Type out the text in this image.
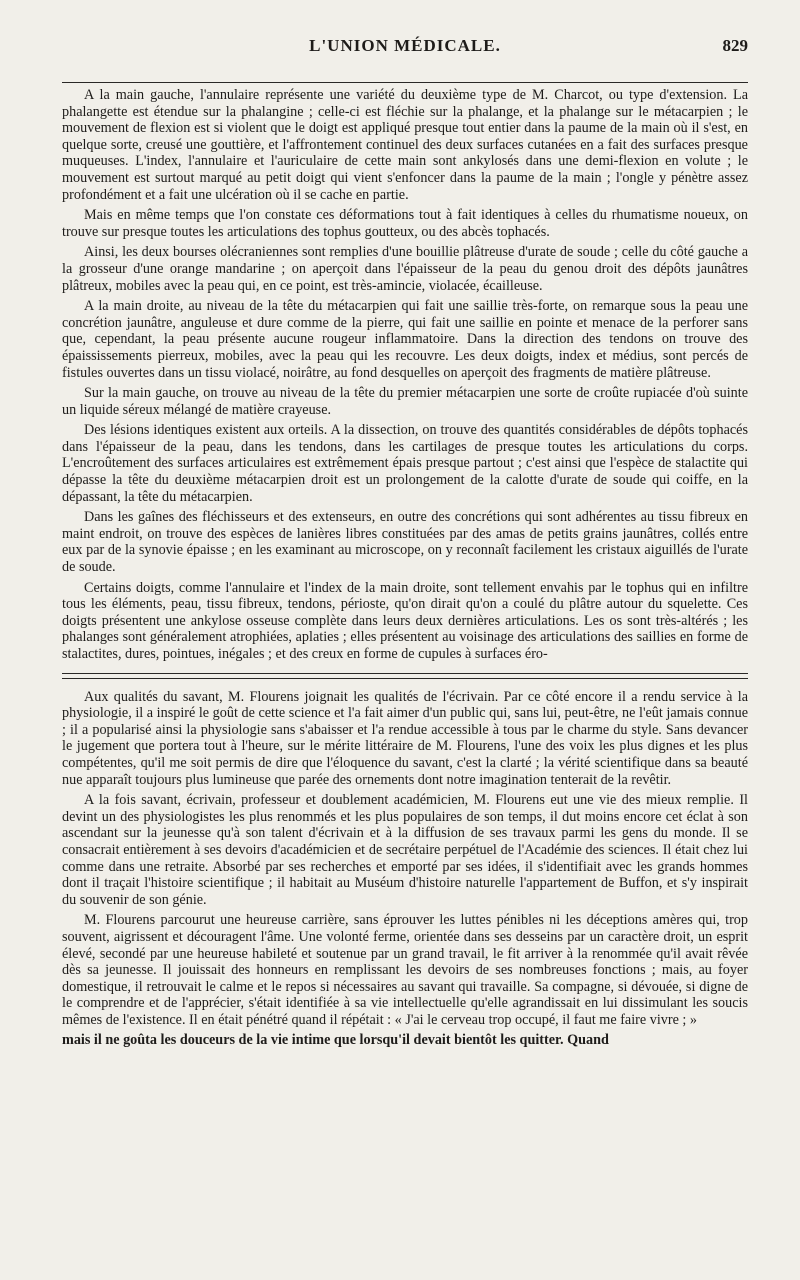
L'UNION MÉDICALE.	829

A la main gauche, l'annulaire représente une variété du deuxième type de M. Charcot, ou type d'extension. La phalangette est étendue sur la phalangine ; celle-ci est fléchie sur la phalange, et la phalange sur le métacarpien ; le mouvement de flexion est si violent que le doigt est appliqué presque tout entier dans la paume de la main où il s'est, en quelque sorte, creusé une gouttière, et l'affrontement continuel des deux surfaces cutanées en a fait des surfaces presque muqueuses. L'index, l'annulaire et l'auriculaire de cette main sont ankylosés dans une demi-flexion en volute ; le mouvement est surtout marqué au petit doigt qui vient s'enfoncer dans la paume de la main ; l'ongle y pénètre assez profondément et a fait une ulcération où il se cache en partie.

Mais en même temps que l'on constate ces déformations tout à fait identiques à celles du rhumatisme noueux, on trouve sur presque toutes les articulations des tophus goutteux, ou des abcès tophacés.

Ainsi, les deux bourses olécraniennes sont remplies d'une bouillie plâtreuse d'urate de soude ; celle du côté gauche a la grosseur d'une orange mandarine ; on aperçoit dans l'épaisseur de la peau du genou droit des dépôts jaunâtres plâtreux, mobiles avec la peau qui, en ce point, est très-amincie, violacée, écailleuse.

A la main droite, au niveau de la tête du métacarpien qui fait une saillie très-forte, on remarque sous la peau une concrétion jaunâtre, anguleuse et dure comme de la pierre, qui fait une saillie en pointe et menace de la perforer sans que, cependant, la peau présente aucune rougeur inflammatoire. Dans la direction des tendons on trouve des épaississements pierreux, mobiles, avec la peau qui les recouvre. Les deux doigts, index et médius, sont percés de fistules ouvertes dans un tissu violacé, noirâtre, au fond desquelles on aperçoit des fragments de matière plâtreuse.

Sur la main gauche, on trouve au niveau de la tête du premier métacarpien une sorte de croûte rupiacée d'où suinte un liquide séreux mélangé de matière crayeuse.

Des lésions identiques existent aux orteils. A la dissection, on trouve des quantités considérables de dépôts tophacés dans l'épaisseur de la peau, dans les tendons, dans les cartilages de presque toutes les articulations du corps. L'encroûtement des surfaces articulaires est extrêmement épais presque partout ; c'est ainsi que l'espèce de stalactite qui dépasse la tête du deuxième métacarpien droit est un prolongement de la calotte d'urate de soude qui coiffe, en la dépassant, la tête du métacarpien.

Dans les gaînes des fléchisseurs et des extenseurs, en outre des concrétions qui sont adhérentes au tissu fibreux en maint endroit, on trouve des espèces de lanières libres constituées par des amas de petits grains jaunâtres, collés entre eux par de la synovie épaisse ; en les examinant au microscope, on y reconnaît facilement les cristaux aiguillés de l'urate de soude.

Certains doigts, comme l'annulaire et l'index de la main droite, sont tellement envahis par le tophus qui en infiltre tous les éléments, peau, tissu fibreux, tendons, périoste, qu'on dirait qu'on a coulé du plâtre autour du squelette. Ces doigts présentent une ankylose osseuse complète dans leurs deux dernières articulations. Les os sont très-altérés ; les phalanges sont généralement atrophiées, aplaties ; elles présentent au voisinage des articulations des saillies en forme de stalactites, dures, pointues, inégales ; et des creux en forme de cupules à surfaces éro-

Aux qualités du savant, M. Flourens joignait les qualités de l'écrivain. Par ce côté encore il a rendu service à la physiologie, il a inspiré le goût de cette science et l'a fait aimer d'un public qui, sans lui, peut-être, ne l'eût jamais connue ; il a popularisé ainsi la physiologie sans s'abaisser et l'a rendue accessible à tous par le charme du style. Sans devancer le jugement que portera tout à l'heure, sur le mérite littéraire de M. Flourens, l'une des voix les plus dignes et les plus compétentes, qu'il me soit permis de dire que l'éloquence du savant, c'est la clarté ; la vérité scientifique dans sa beauté nue apparaît toujours plus lumineuse que parée des ornements dont notre imagination tenterait de la revêtir.

A la fois savant, écrivain, professeur et doublement académicien, M. Flourens eut une vie des mieux remplie. Il devint un des physiologistes les plus renommés et les plus populaires de son temps, il dut moins encore cet éclat à son ascendant sur la jeunesse qu'à son talent d'écrivain et à la diffusion de ses travaux parmi les gens du monde. Il se consacrait entièrement à ses devoirs d'académicien et de secrétaire perpétuel de l'Académie des sciences. Il était chez lui comme dans une retraite. Absorbé par ses recherches et emporté par ses idées, il s'identifiait avec les grands hommes dont il traçait l'histoire scientifique ; il habitait au Muséum d'histoire naturelle l'appartement de Buffon, et s'y inspirait du souvenir de son génie.

M. Flourens parcourut une heureuse carrière, sans éprouver les luttes pénibles ni les déceptions amères qui, trop souvent, aigrissent et découragent l'âme. Une volonté ferme, orientée dans ses desseins par un caractère droit, un esprit élevé, secondé par une heureuse habileté et soutenue par un grand travail, le fit arriver à la renommée qu'il avait rêvée dès sa jeunesse. Il jouissait des honneurs en remplissant les devoirs de ses nombreuses fonctions ; mais, au foyer domestique, il retrouvait le calme et le repos si nécessaires au savant qui travaille. Sa compagne, si dévouée, si digne de le comprendre et de l'apprécier, s'était identifiée à sa vie intellectuelle qu'elle agrandissait en lui dissimulant les soucis mêmes de l'existence. Il en était pénétré quand il répétait : « J'ai le cerveau trop occupé, il faut me faire vivre ; »

mais il ne goûta les douceurs de la vie intime que lorsqu'il devait bientôt les quitter. Quand
